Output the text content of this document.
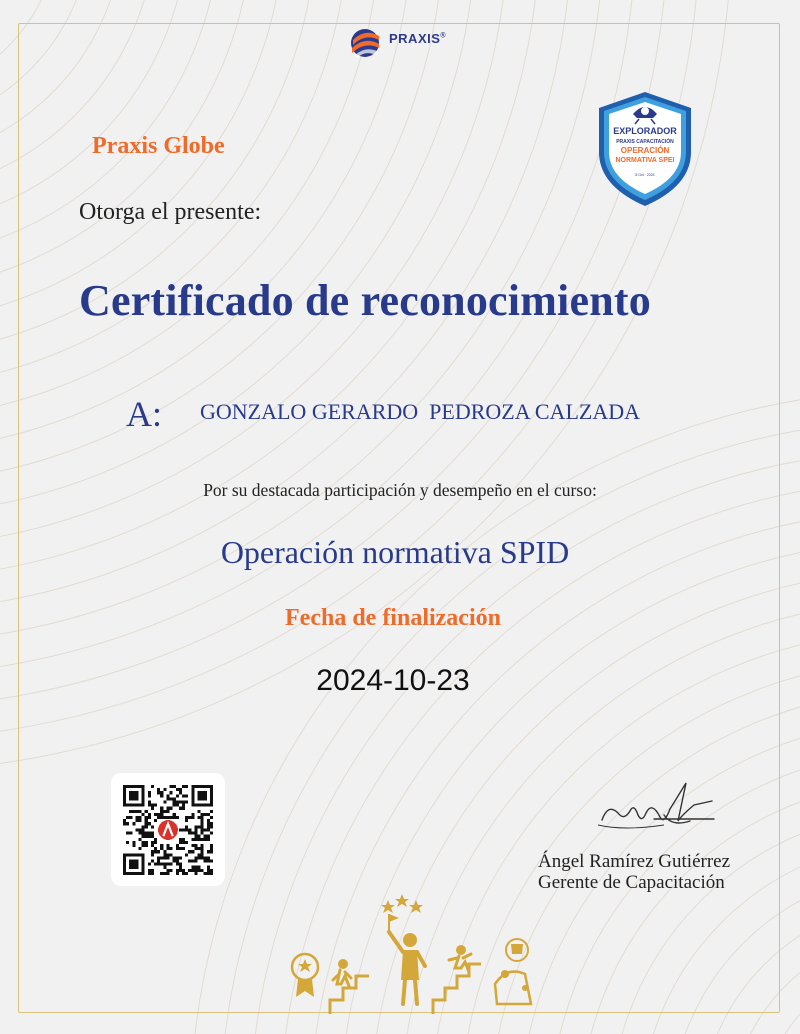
PRAXIS®
Praxis Globe
Otorga el presente:
Certificado de reconocimiento
EXPLORADOR
PRAXIS CAPACITACIÓN
OPERACIÓN
NORMATIVA SPEI
8 Oct · 2024
A: GONZALO GERARDO  PEDROZA CALZADA
Por su destacada participación y desempeño en el curso:
Operación normativa SPID
Fecha de finalización
2024-10-23
Ángel Ramírez Gutiérrez
Gerente de Capacitación
